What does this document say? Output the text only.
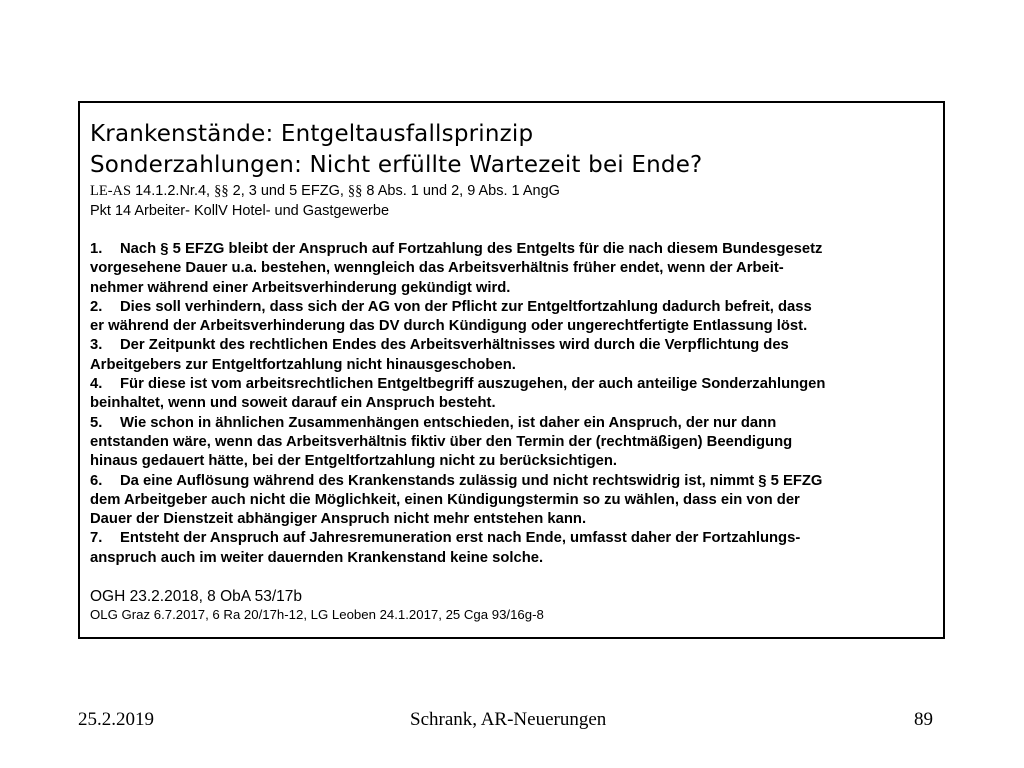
Krankenstände: Entgeltausfallsprinzip
Sonderzahlungen: Nicht erfüllte Wartezeit bei Ende?
LE-AS 14.1.2.Nr.4, §§ 2, 3 und 5 EFZG, §§ 8 Abs. 1 und 2, 9 Abs. 1 AngG
Pkt 14 Arbeiter- KollV Hotel- und Gastgewerbe
1. Nach § 5 EFZG bleibt der Anspruch auf Fortzahlung des Entgelts für die nach diesem Bundesgesetz
vorgesehene Dauer u.a. bestehen, wenngleich das Arbeitsverhältnis früher endet, wenn der Arbeit-
nehmer während einer Arbeitsverhinderung gekündigt wird.
2. Dies soll verhindern, dass sich der AG von der Pflicht zur Entgeltfortzahlung dadurch befreit, dass
er während der Arbeitsverhinderung das DV durch Kündigung oder ungerechtfertigte Entlassung löst.
3. Der Zeitpunkt des rechtlichen Endes des Arbeitsverhältnisses wird durch die Verpflichtung des
Arbeitgebers zur Entgeltfortzahlung nicht hinausgeschoben.
4. Für diese ist vom arbeitsrechtlichen Entgeltbegriff auszugehen, der auch anteilige Sonderzahlungen
beinhaltet, wenn und soweit darauf ein Anspruch besteht.
5. Wie schon in ähnlichen Zusammenhängen entschieden, ist daher ein Anspruch, der nur dann
entstanden wäre, wenn das Arbeitsverhältnis fiktiv über den Termin der (rechtmäßigen) Beendigung
hinaus gedauert hätte, bei der Entgeltfortzahlung nicht zu berücksichtigen.
6. Da eine Auflösung während des Krankenstands zulässig und nicht rechtswidrig ist, nimmt § 5 EFZG
dem Arbeitgeber auch nicht die Möglichkeit, einen Kündigungstermin so zu wählen, dass ein von der
Dauer der Dienstzeit abhängiger Anspruch nicht mehr entstehen kann.
7. Entsteht der Anspruch auf Jahresremuneration erst nach Ende, umfasst daher der Fortzahlungs-
anspruch auch im weiter dauernden Krankenstand keine solche.
OGH 23.2.2018, 8 ObA 53/17b
OLG Graz 6.7.2017, 6 Ra 20/17h-12, LG Leoben 24.1.2017, 25 Cga 93/16g-8
25.2.2019	Schrank, AR-Neuerungen	89
